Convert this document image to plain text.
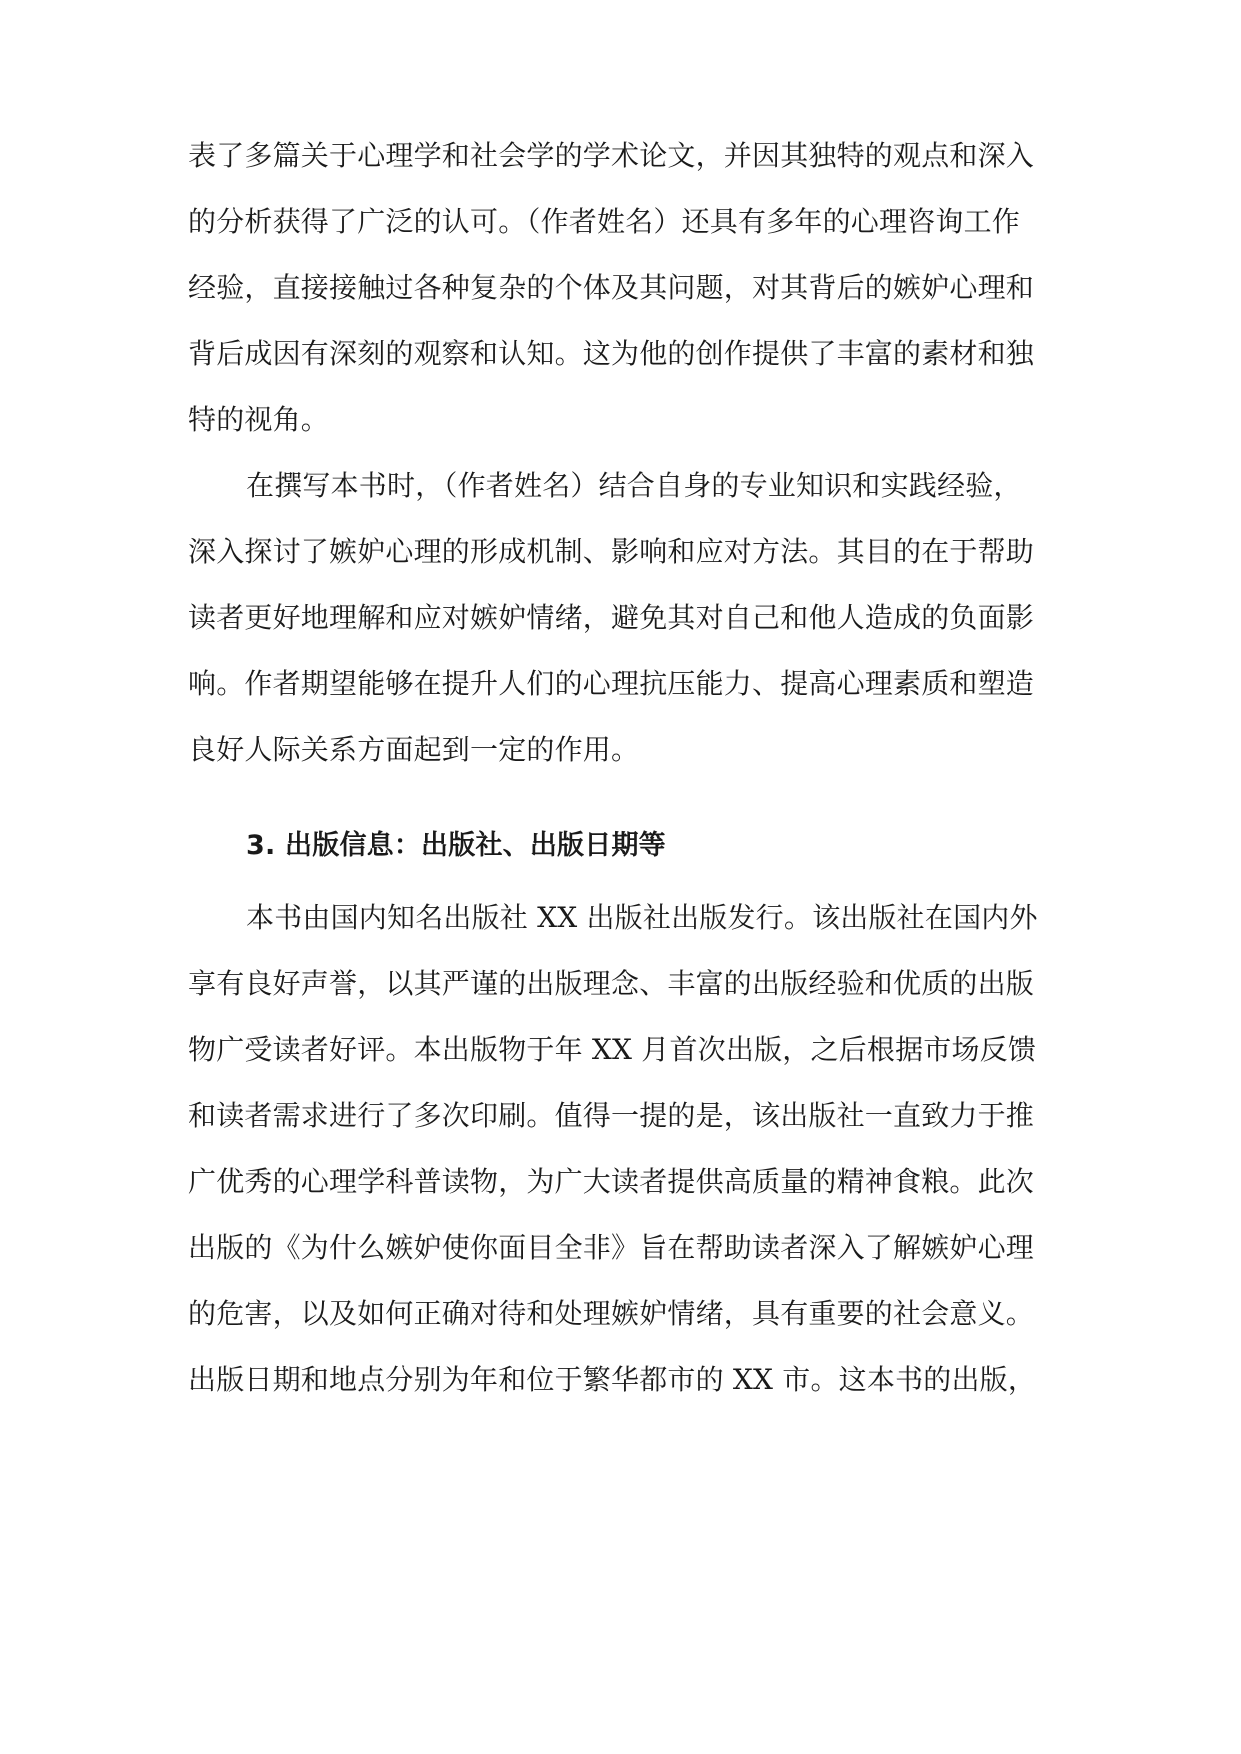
表了多篇关于心理学和社会学的学术论文，并因其独特的观点和深入
的分析获得了广泛的认可。（作者姓名）还具有多年的心理咨询工作
经验，直接接触过各种复杂的个体及其问题，对其背后的嫉妒心理和
背后成因有深刻的观察和认知。这为他的创作提供了丰富的素材和独
特的视角。
在撰写本书时，（作者姓名）结合自身的专业知识和实践经验，
深入探讨了嫉妒心理的形成机制、影响和应对方法。其目的在于帮助
读者更好地理解和应对嫉妒情绪，避免其对自己和他人造成的负面影
响。作者期望能够在提升人们的心理抗压能力、提高心理素质和塑造
良好人际关系方面起到一定的作用。
3. 出版信息：出版社、出版日期等
本书由国内知名出版社 XX 出版社出版发行。该出版社在国内外
享有良好声誉，以其严谨的出版理念、丰富的出版经验和优质的出版
物广受读者好评。本出版物于年 XX 月首次出版，之后根据市场反馈
和读者需求进行了多次印刷。值得一提的是，该出版社一直致力于推
广优秀的心理学科普读物，为广大读者提供高质量的精神食粮。此次
出版的《为什么嫉妒使你面目全非》旨在帮助读者深入了解嫉妒心理
的危害，以及如何正确对待和处理嫉妒情绪，具有重要的社会意义。
出版日期和地点分别为年和位于繁华都市的 XX 市。这本书的出版，
